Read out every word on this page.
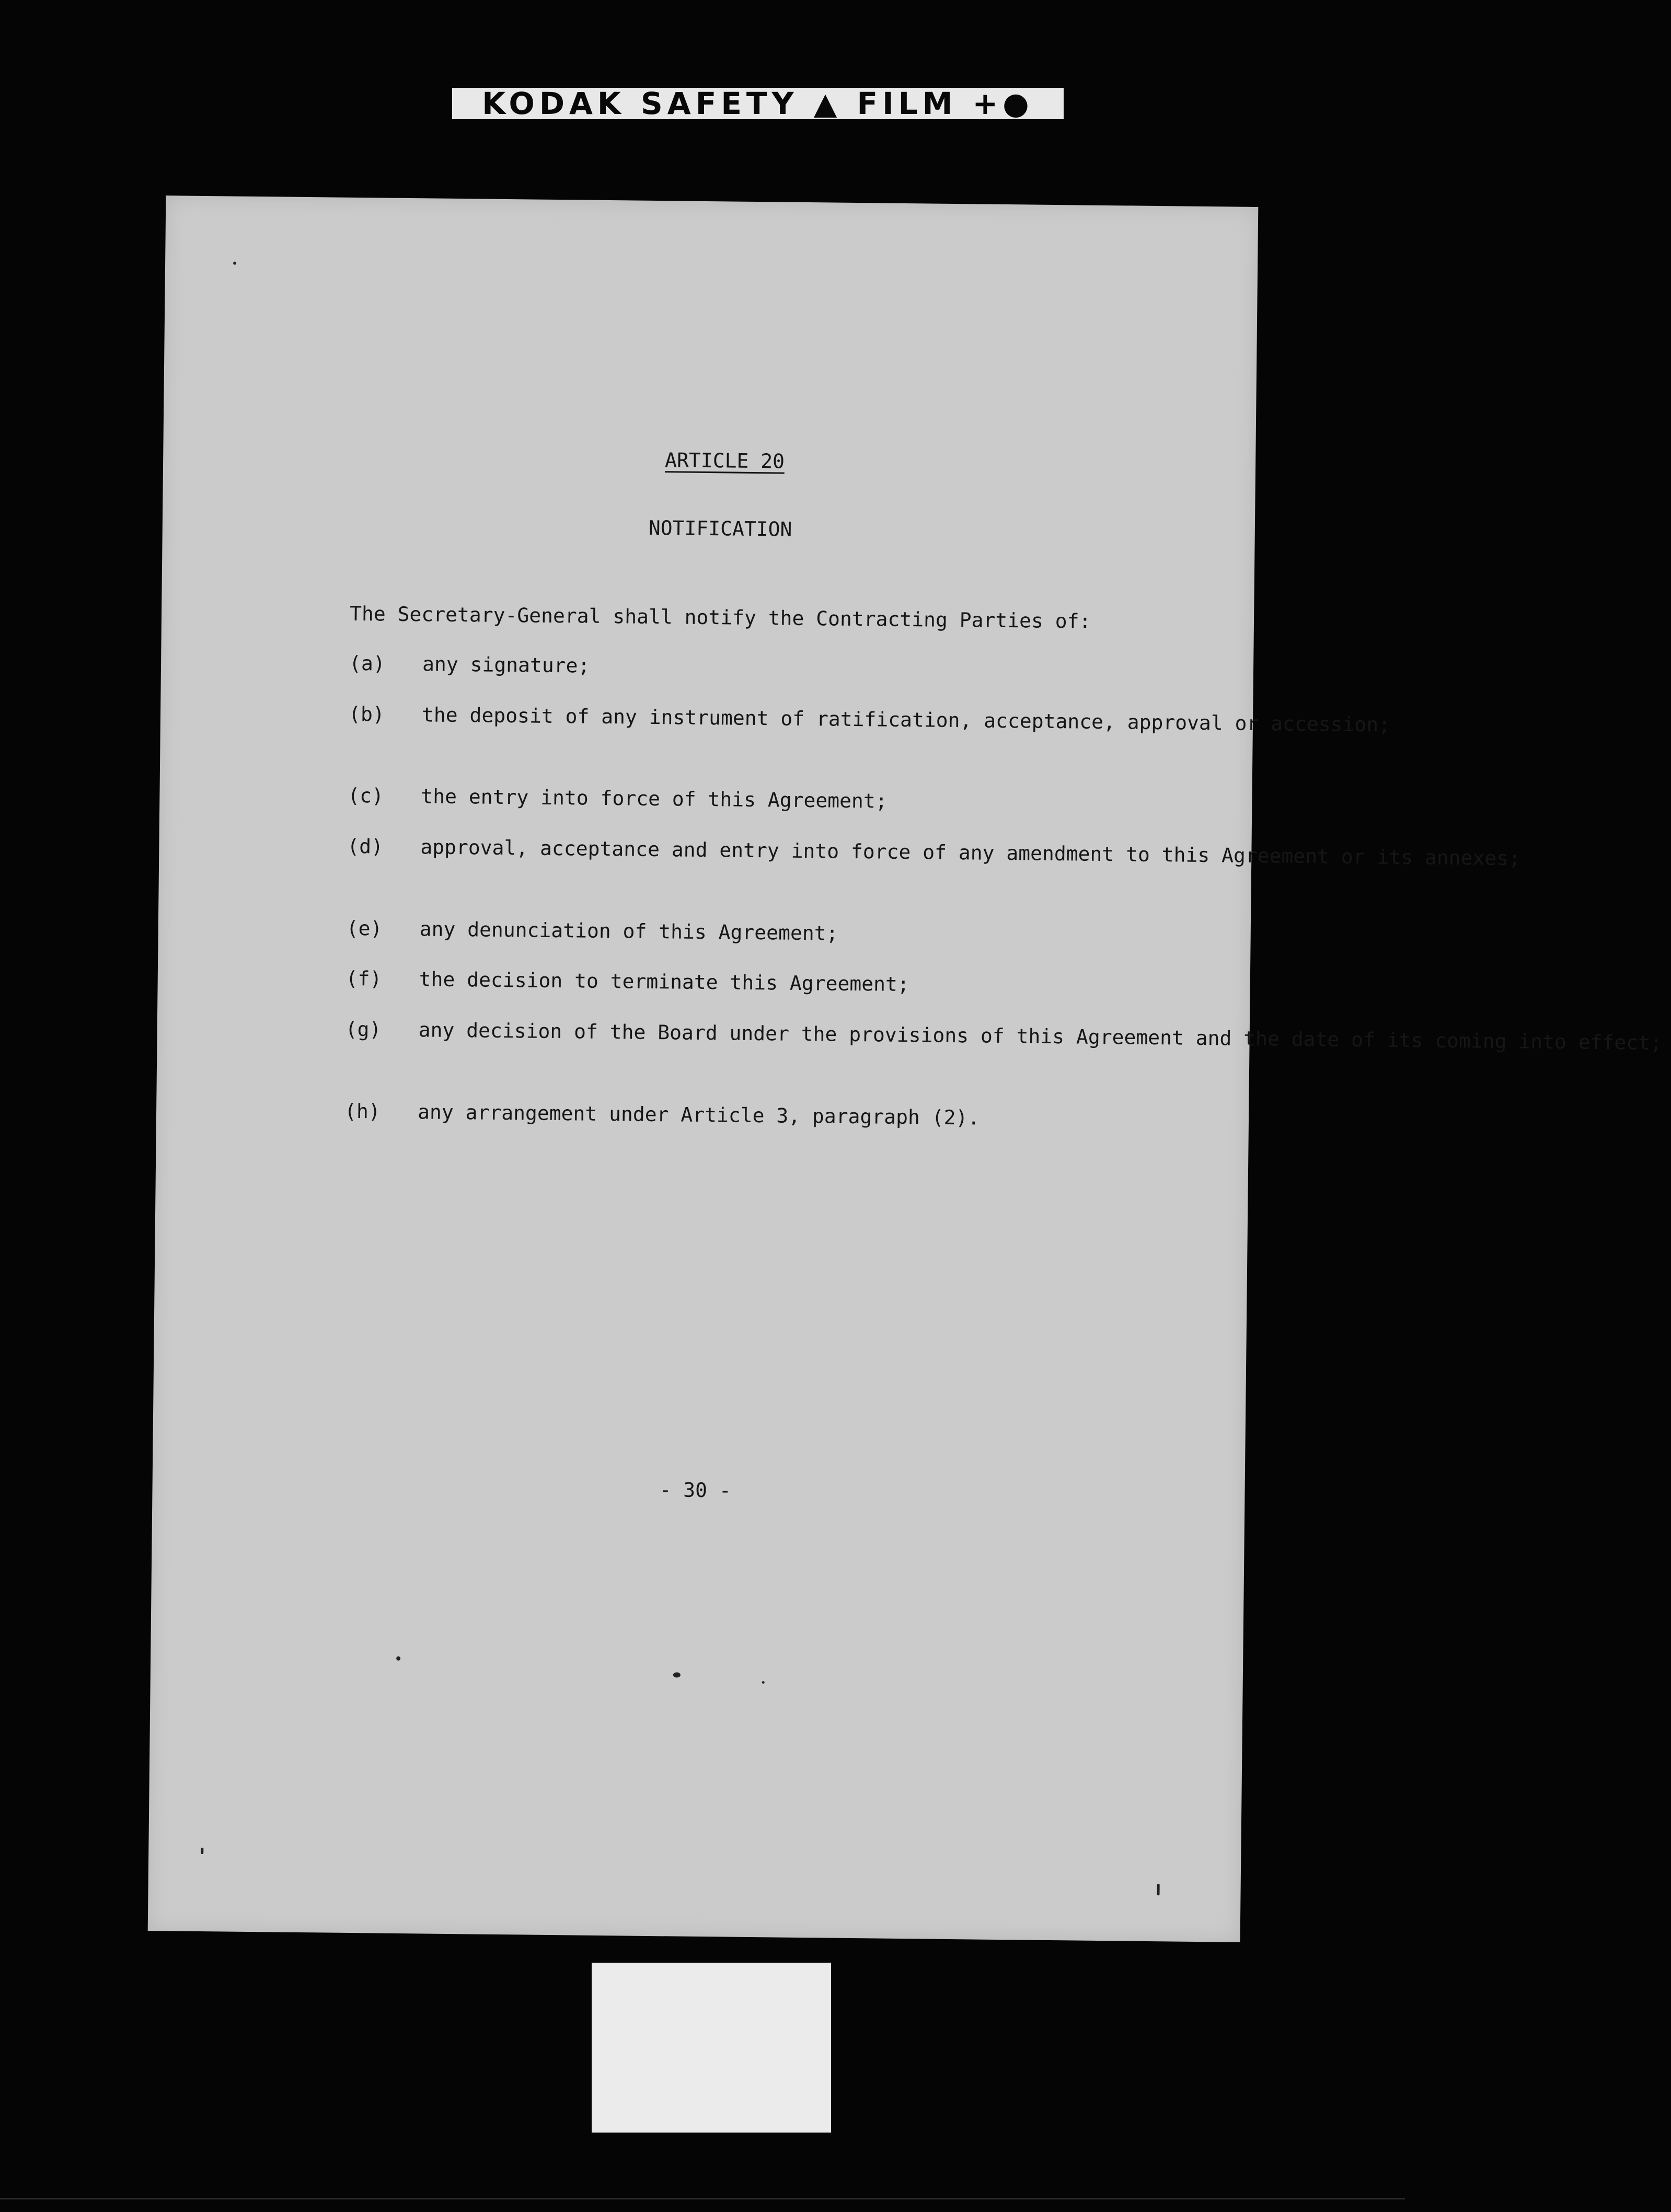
KODAK SAFETY ▲ FILM +●
ARTICLE 20
NOTIFICATION
The Secretary-General shall notify the Contracting Parties of:
(a) any signature;
(b) the deposit of any instrument of ratification, acceptance, approval or accession;
(c) the entry into force of this Agreement;
(d) approval, acceptance and entry into force of any amendment to this Agreement or its annexes;
(e) any denunciation of this Agreement;
(f) the decision to terminate this Agreement;
(g) any decision of the Board under the provisions of this Agreement and the date of its coming into effect;
(h) any arrangement under Article 3, paragraph (2).
- 30 -
